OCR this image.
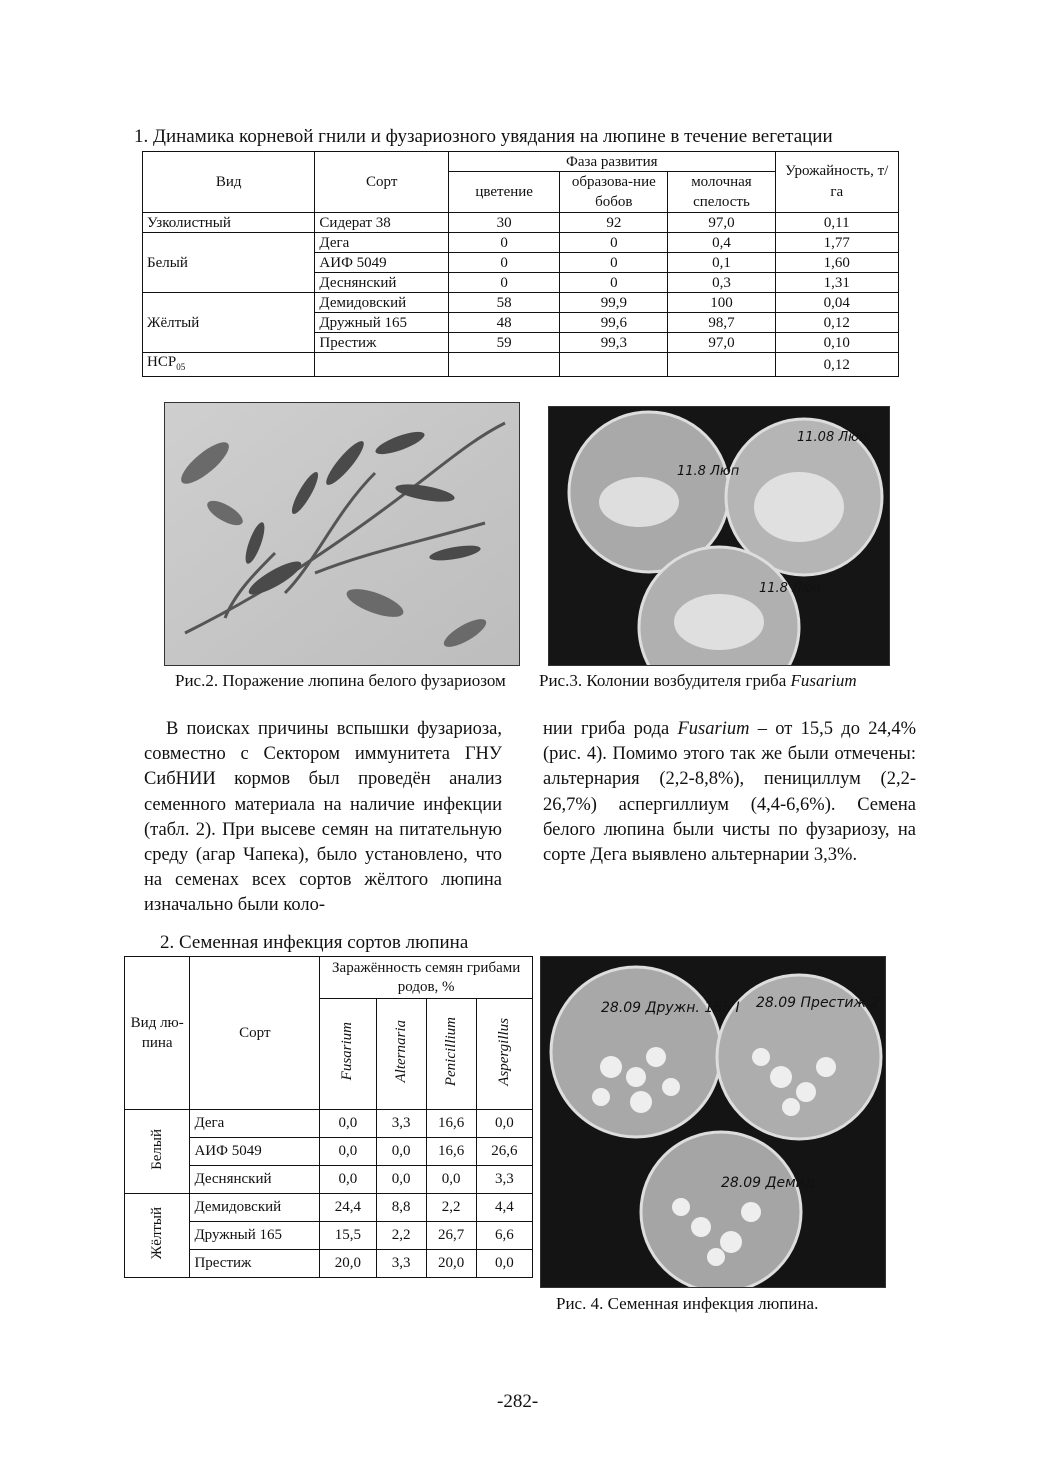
1. Динамика корневой гнили и фузариозного увядания на люпине в течение вегетации
Вид	Сорт	Фаза развития			Урожайность, т/га
		цветение	образова-ние бобов	молочная спелость	
Узколистный	Сидерат 38	30	92	97,0	0,11
Белый	Дега	0	0	0,4	1,77
	АИФ 5049	0	0	0,1	1,60
	Деснянский	0	0	0,3	1,31
Жёлтый	Демидовский	58	99,9	100	0,04
	Дружный 165	48	99,6	98,7	0,12
	Престиж	59	99,3	97,0	0,10
$НСР_{05}$					0,12
Рис.2. Поражение люпина белого фузариозом
11.8 Люп
11.08 Люп.
11.8 Люп
Рис.3. Колонии возбудителя гриба Fusarium

В поисках причины вспышки фузариоза, совместно с Сектором иммунитета ГНУ СибНИИ кормов был проведён анализ семенного материала на наличие инфекции (табл. 2). При высеве семян на питательную среду (агар Чапека), было установлено, что на семенах всех сортов жёлтого люпина изначально были коло-

нии гриба рода Fusarium – от 15,5 до 24,4% (рис. 4). Помимо этого так же были отмечены: альтернария (2,2-8,8%), пенициллум (2,2-26,7%) аспергиллиум (4,4-6,6%). Семена белого люпина были чисты по фузариозу, на сорте Дега выявлено альтернарии 3,3%.

2. Семенная инфекция сортов люпина
Вид лю-пина	Сорт	Заражённость семян грибами родов, %			
		Fusarium	Alternaria	Penicillium	Aspergillus
Белый	Дега	0,0	3,3	16,6	0,0
	АИФ 5049	0,0	0,0	16,6	26,6
	Деснянский	0,0	0,0	0,0	3,3
Жёлтый	Демидовский	24,4	8,8	2,2	4,4
	Дружный 165	15,5	2,2	26,7	6,6
	Престиж	20,0	3,3	20,0	0,0
28.09 Дружн. 165 I 28.09 Престиж 2
28.09 Демид.
Рис. 4. Семенная инфекция люпина.
-282-
